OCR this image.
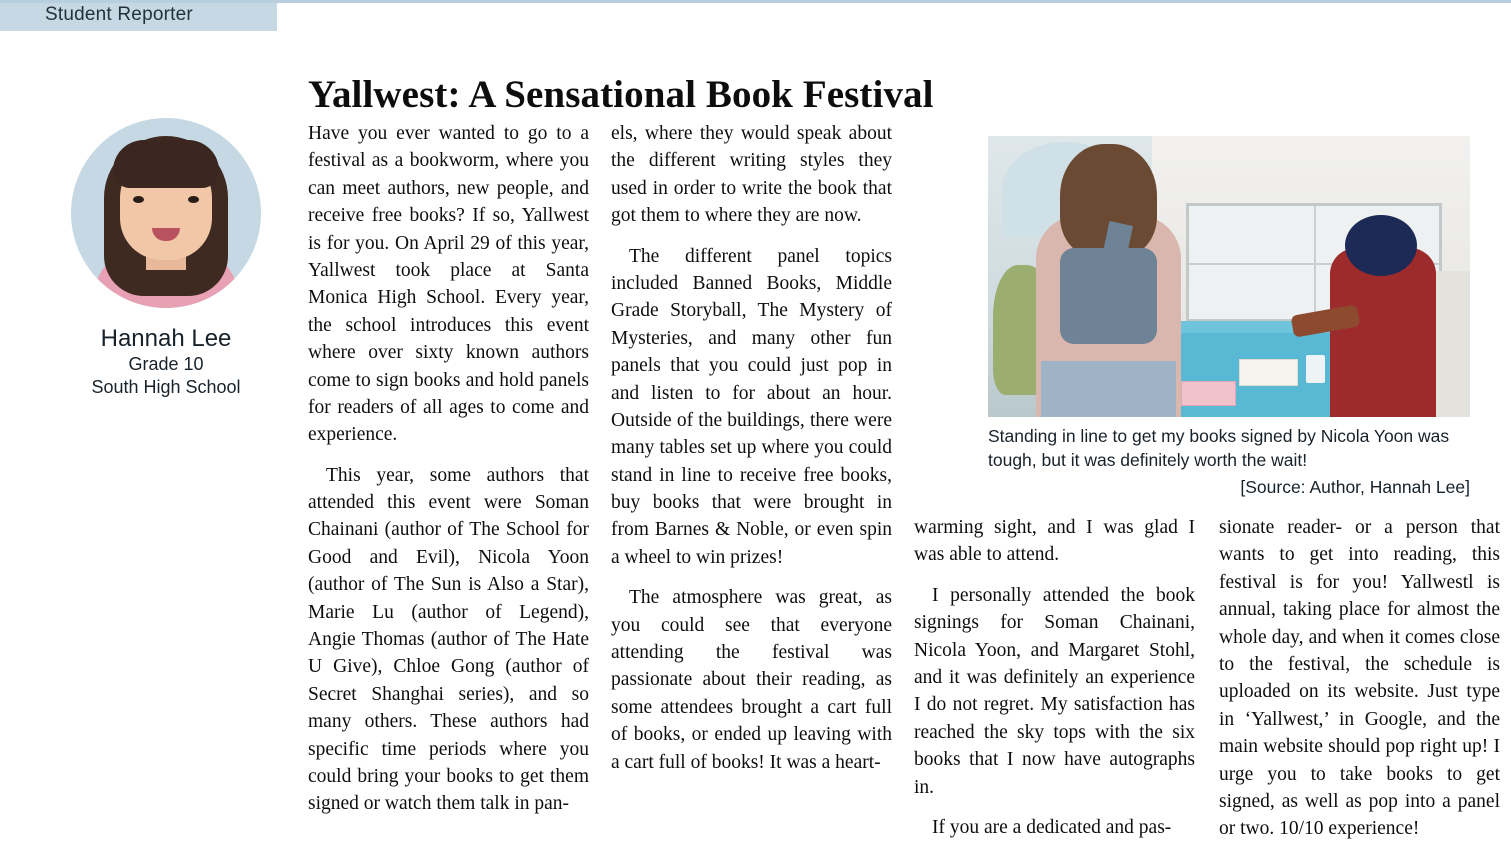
Student Reporter
Yallwest: A Sensational Book Festival
Hannah Lee
Grade 10
South High School

Have you ever wanted to go to a festival as a bookworm, where you can meet authors, new people, and receive free books? If so, Yallwest is for you. On April 29 of this year, Yallwest took place at Santa Monica High School. Every year, the school introduces this event where over sixty known authors come to sign books and hold panels for readers of all ages to come and experience.

This year, some authors that attended this event were Soman Chainani (author of The School for Good and Evil), Nicola Yoon (author of The Sun is Also a Star), Marie Lu (author of Legend), Angie Thomas (author of The Hate U Give), Chloe Gong (author of Secret Shanghai series), and so many others. These authors had specific time periods where you could bring your books to get them signed or watch them talk in pan-

els, where they would speak about the different writing styles they used in order to write the book that got them to where they are now.

The different panel topics included Banned Books, Middle Grade Storyball, The Mystery of Mysteries, and many other fun panels that you could just pop in and listen to for about an hour. Outside of the buildings, there were many tables set up where you could stand in line to receive free books, buy books that were brought in from Barnes & Noble, or even spin a wheel to win prizes!

The atmosphere was great, as you could see that everyone attending the festival was passionate about their reading, as some attendees brought a cart full of books, or ended up leaving with a cart full of books! It was a heart-

warming sight, and I was glad I was able to attend.

I personally attended the book signings for Soman Chainani, Nicola Yoon, and Margaret Stohl, and it was definitely an experience I do not regret. My satisfaction has reached the sky tops with the six books that I now have autographs in.

If you are a dedicated and pas-

sionate reader- or a person that wants to get into reading, this festival is for you! Yallwestl is annual, taking place for almost the whole day, and when it comes close to the festival, the schedule is uploaded on its website. Just type in ‘Yallwest,’ in Google, and the main website should pop right up! I urge you to take books to get signed, as well as pop into a panel or two. 10/10 experience!

Standing in line to get my books signed by Nicola Yoon was tough, but it was definitely worth the wait!
[Source: Author, Hannah Lee]
